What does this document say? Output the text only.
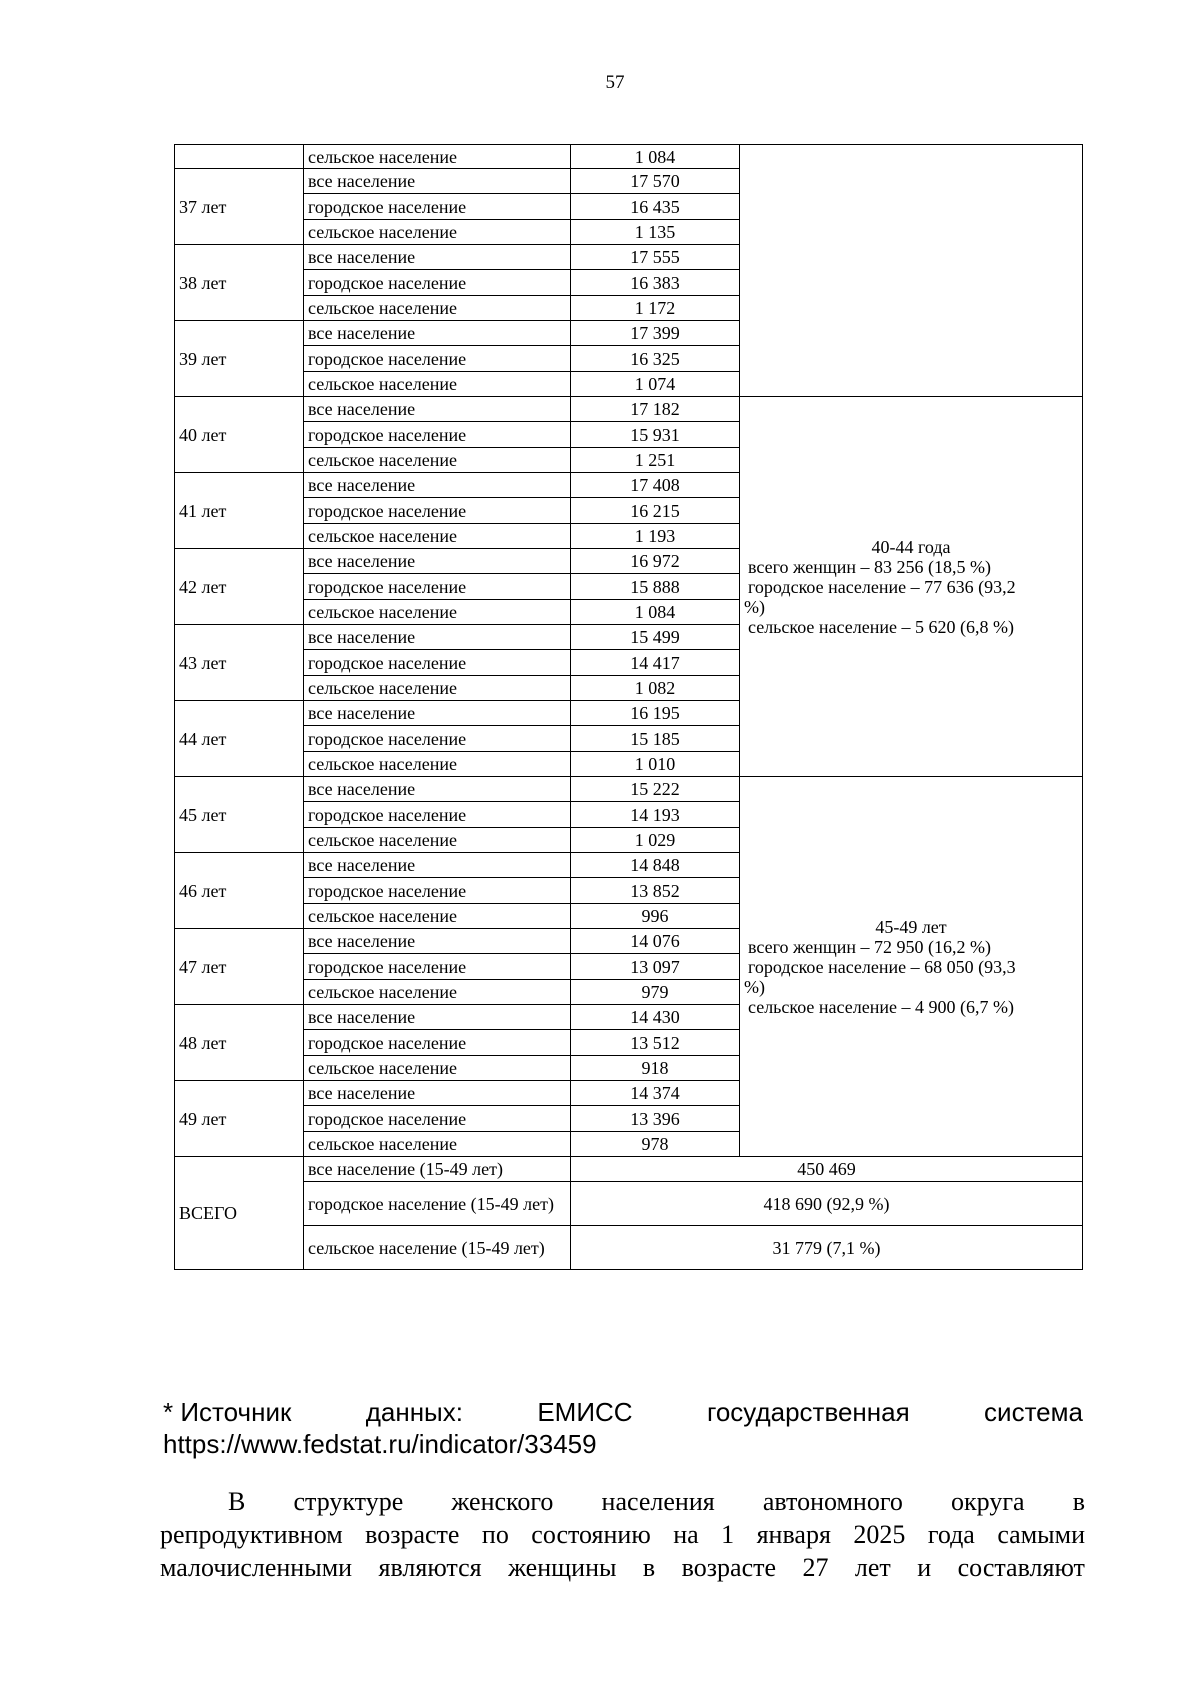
57
	сельское население	1 084	
37 лет	все население	17 570	
	городское население	16 435	
	сельское население	1 135	
38 лет	все население	17 555	
	городское население	16 383	
	сельское население	1 172	
39 лет	все население	17 399	
	городское население	16 325	
	сельское население	1 074	
40 лет	все население	17 182	40-44 года
всего женщин – 83 256 (18,5 %)
городское население – 77 636 (93,2
%)
сельское население – 5 620 (6,8 %)

	городское население	15 931	
	сельское население	1 251	
41 лет	все население	17 408	
	городское население	16 215	
	сельское население	1 193	
42 лет	все население	16 972	
	городское население	15 888	
	сельское население	1 084	
43 лет	все население	15 499	
	городское население	14 417	
	сельское население	1 082	
44 лет	все население	16 195	
	городское население	15 185	
	сельское население	1 010	
45 лет	все население	15 222	45-49 лет
всего женщин – 72 950 (16,2 %)
городское население – 68 050 (93,3
%)
сельское население – 4 900 (6,7 %)

	городское население	14 193	
	сельское население	1 029	
46 лет	все население	14 848	
	городское население	13 852	
	сельское население	996	
47 лет	все население	14 076	
	городское население	13 097	
	сельское население	979	
48 лет	все население	14 430	
	городское население	13 512	
	сельское население	918	
49 лет	все население	14 374	
	городское население	13 396	
	сельское население	978	
ВСЕГО	все население (15-49 лет)	450 469	
	городское население (15-49 лет)	418 690 (92,9 %)	
	сельское население (15-49 лет)	31 779 (7,1 %)	
* Источник	данных:	ЕМИСС	государственная	система
https://www.fedstat.ru/indicator/33459
В структуре женского населения автономного округа в
репродуктивном возрасте по состоянию на 1 января 2025 года самыми
малочисленными являются женщины в возрасте 27 лет и составляют
